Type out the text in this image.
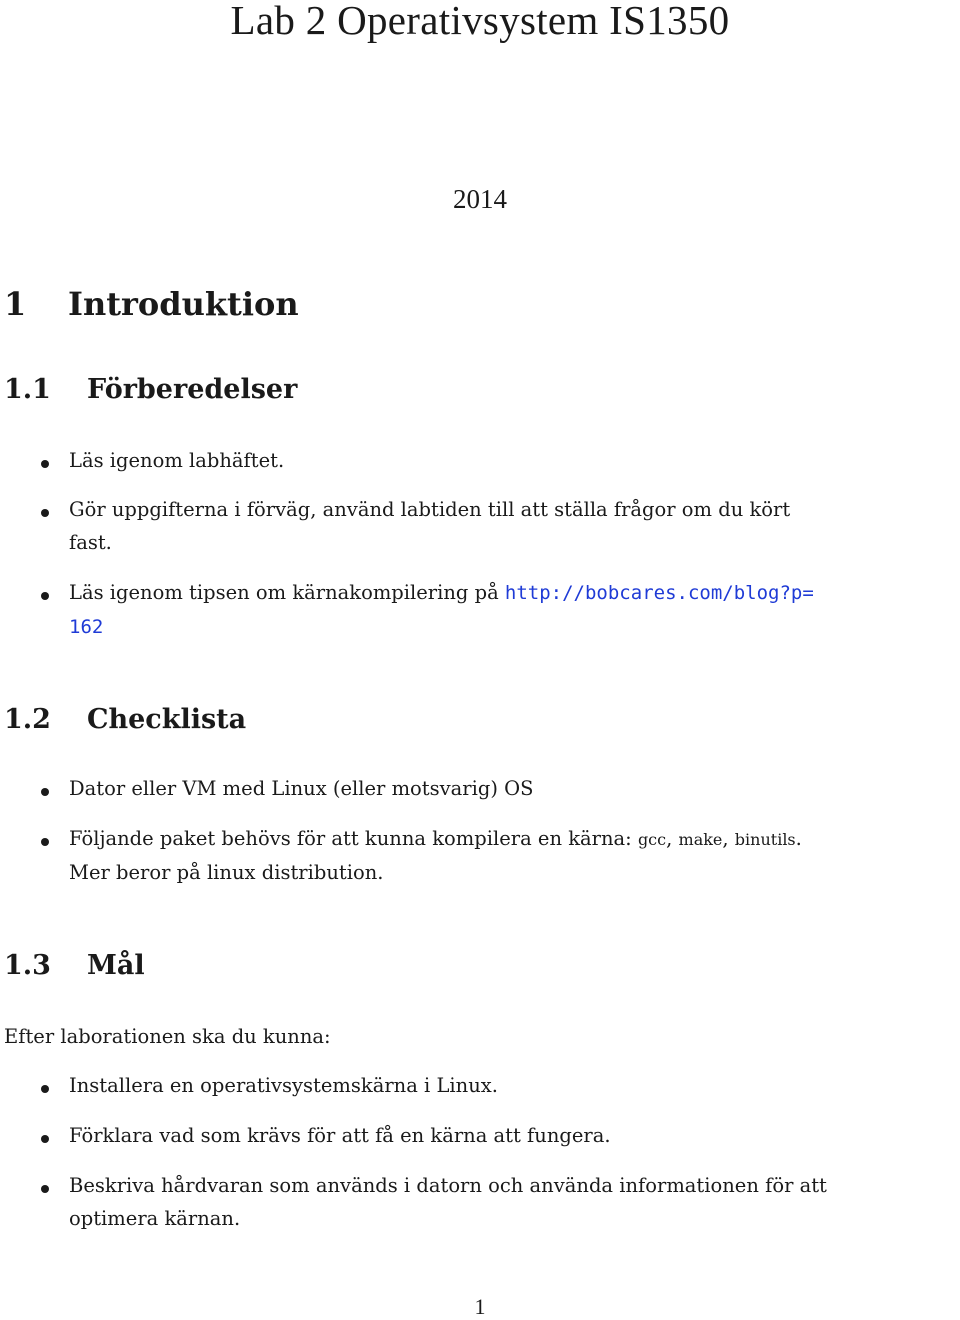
Lab 2 Operativsystem IS1350
2014
1 Introduktion
1.1 Förberedelser

Läs igenom labhäftet.

Gör uppgifterna i förväg, använd labtiden till att ställa frågor om du kört
fast.

Läs igenom tipsen om kärnakompilering på http://bobcares.com/blog?p=
162

1.2 Checklista

Dator eller VM med Linux (eller motsvarig) OS

Följande paket behövs för att kunna kompilera en kärna: gcc, make, binutils.
Mer beror på linux distribution.

1.3 Mål

Efter laborationen ska du kunna:

Installera en operativsystemskärna i Linux.

Förklara vad som krävs för att få en kärna att fungera.

Beskriva hårdvaran som används i datorn och använda informationen för att
optimera kärnan.

1
